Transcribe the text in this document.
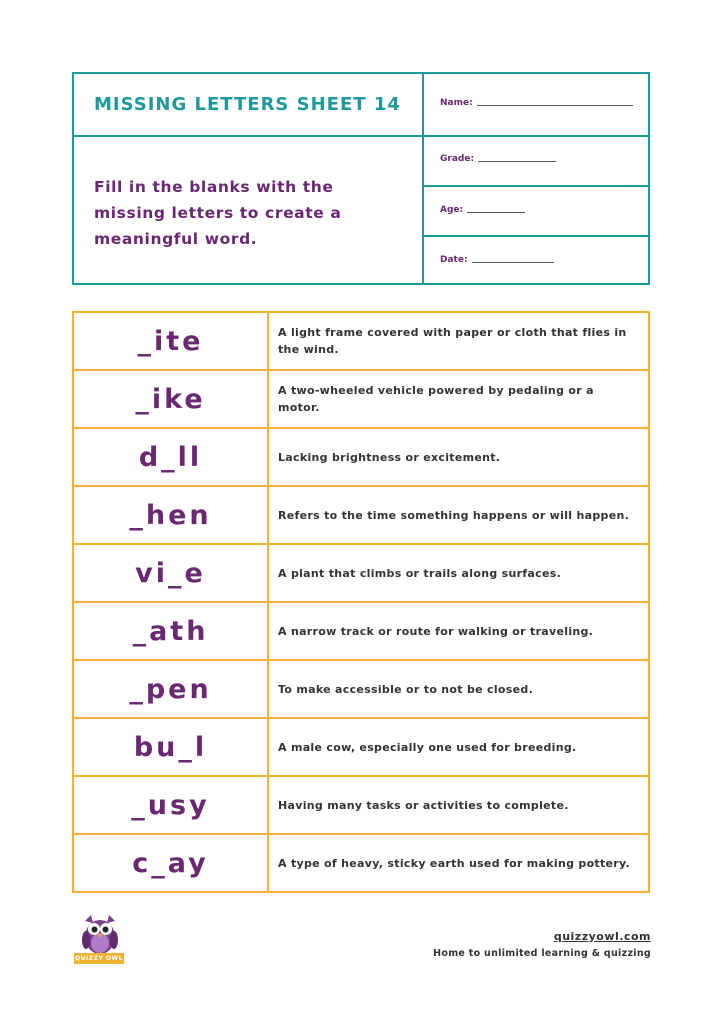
MISSING LETTERS SHEET 14
Fill in the blanks with the missing letters to create a meaningful word.
Name:
Grade:
Age:
Date:
_ite	A light frame covered with paper or cloth that flies in the wind.
_ike	A two-wheeled vehicle powered by pedaling or a motor.
d_ll	Lacking brightness or excitement.
_hen	Refers to the time something happens or will happen.
vi_e	A plant that climbs or trails along surfaces.
_ath	A narrow track or route for walking or traveling.
_pen	To make accessible or to not be closed.
bu_l	A male cow, especially one used for breeding.
_usy	Having many tasks or activities to complete.
c_ay	A type of heavy, sticky earth used for making pottery.
QUIZZY OWL
quizzyowl.com
Home to unlimited learning & quizzing
